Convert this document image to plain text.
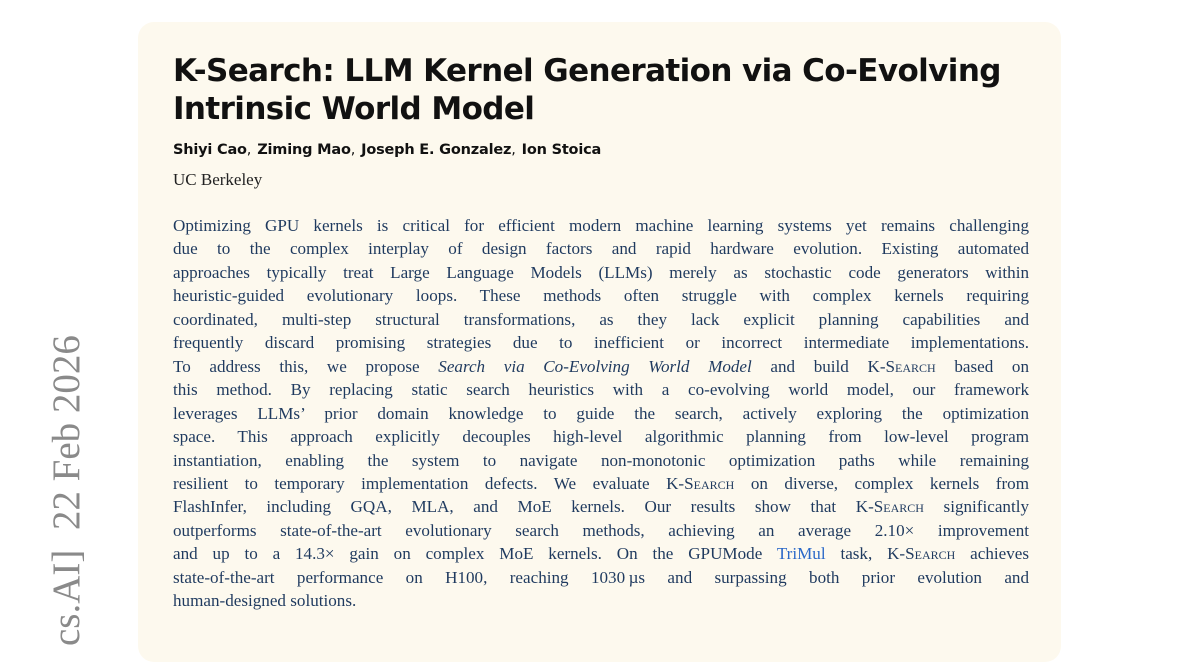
cs.AI]  22 Feb 2026
K-Search: LLM Kernel Generation via Co-Evolving
Intrinsic World Model
Shiyi Cao, Ziming Mao, Joseph E. Gonzalez, Ion Stoica
UC Berkeley
Optimizing GPU kernels is critical for efficient modern machine learning systems yet remains challenging
due to the complex interplay of design factors and rapid hardware evolution. Existing automated
approaches typically treat Large Language Models (LLMs) merely as stochastic code generators within
heuristic-guided evolutionary loops. These methods often struggle with complex kernels requiring
coordinated, multi-step structural transformations, as they lack explicit planning capabilities and
frequently discard promising strategies due to inefficient or incorrect intermediate implementations.
To address this, we propose Search via Co-Evolving World Model and build K-Search based on
this method. By replacing static search heuristics with a co-evolving world model, our framework
leverages LLMs’ prior domain knowledge to guide the search, actively exploring the optimization
space. This approach explicitly decouples high-level algorithmic planning from low-level program
instantiation, enabling the system to navigate non-monotonic optimization paths while remaining
resilient to temporary implementation defects. We evaluate K-Search on diverse, complex kernels from
FlashInfer, including GQA, MLA, and MoE kernels. Our results show that K-Search significantly
outperforms state-of-the-art evolutionary search methods, achieving an average 2.10× improvement
and up to a 14.3× gain on complex MoE kernels. On the GPUMode TriMul task, K-Search achieves
state-of-the-art performance on H100, reaching 1030 µs and surpassing both prior evolution and
human-designed solutions.
